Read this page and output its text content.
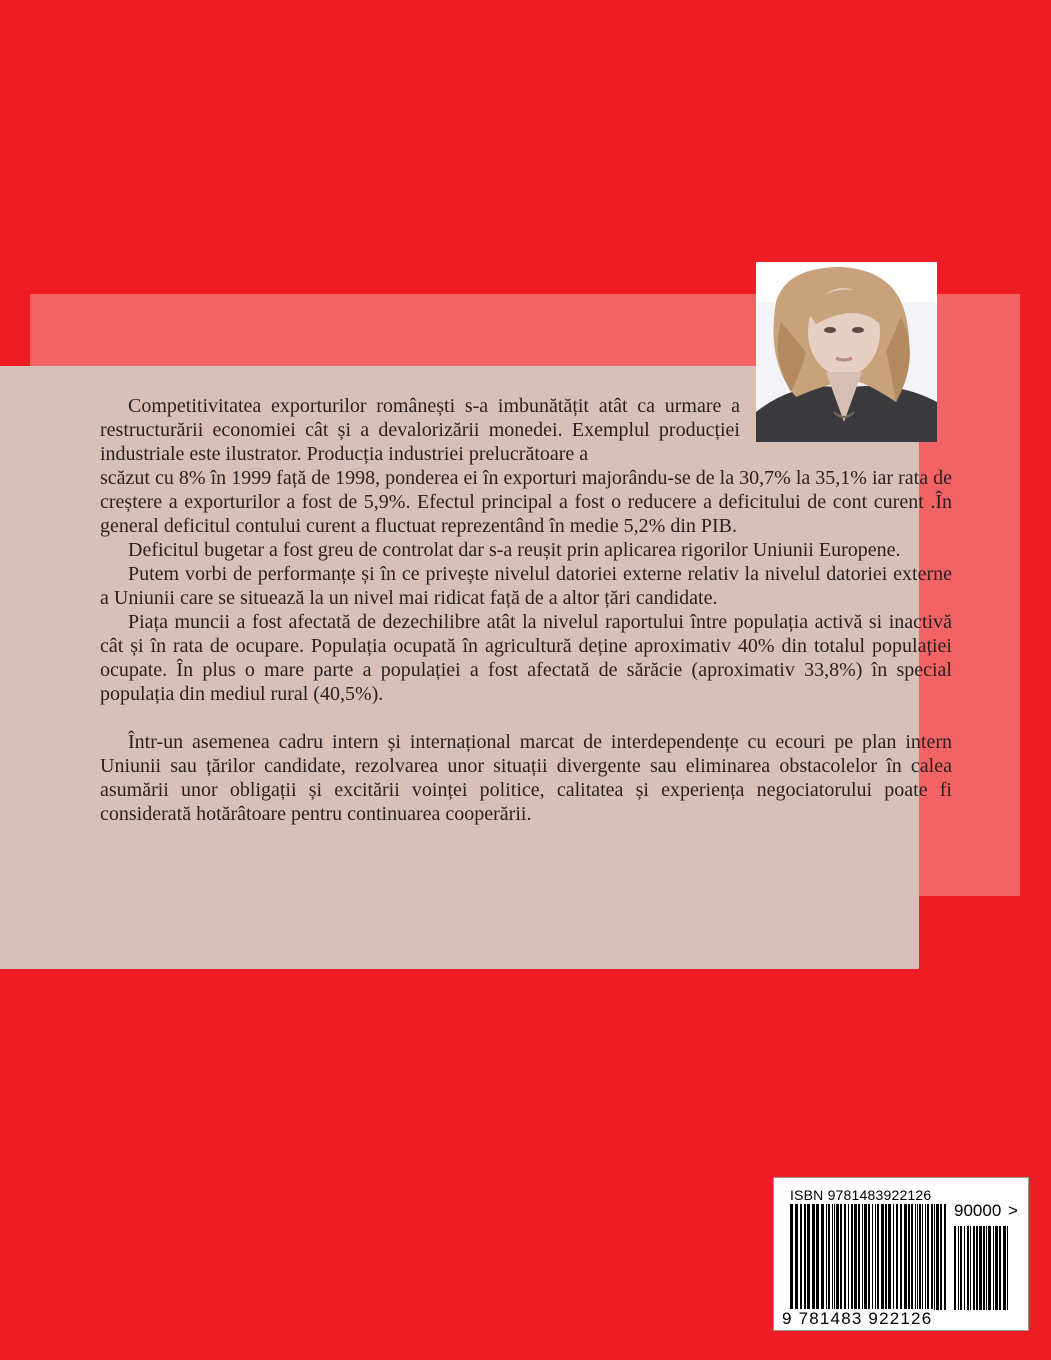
Competitivitatea exporturilor românești s-a imbunătățit atât ca urmare a restructurării economiei cât și a devalorizării monedei. Exemplul producției industriale este ilustrator. Producția industriei prelucrătoare a

scăzut cu 8% în 1999 față de 1998, ponderea ei în exporturi majorându-se de la 30,7% la 35,1% iar rata de creștere a exporturilor a fost de 5,9%. Efectul principal a fost o reducere a deficitului de cont curent .În general deficitul contului curent a fluctuat reprezentând în medie 5,2% din PIB.

Deficitul bugetar a fost greu de controlat dar s-a reușit prin aplicarea rigorilor Uniunii Europene.

Putem vorbi de performanțe și în ce privește nivelul datoriei externe relativ la nivelul datoriei externe a Uniunii care se situează la un nivel mai ridicat față de a altor țări candidate.

Piața muncii a fost afectată de dezechilibre atât la nivelul raportului între populația activă si inactivă cât și în rata de ocupare. Populația ocupată în agricultură deține aproximativ 40% din totalul populației ocupate. În plus o mare parte a populației a fost afectată de sărăcie (aproximativ 33,8%) în special populația din mediul rural (40,5%).

Într-un asemenea cadru intern și internațional marcat de interdependențe cu ecouri pe plan intern Uniunii sau țărilor candidate, rezolvarea unor situații divergente sau eliminarea obstacolelor în calea asumării unor obligații și excitării voinței politice, calitatea și experiența negociatorului poate fi considerată hotărâtoare pentru continuarea cooperării.

ISBN 9781483922126
90000 >
9 781483 922126
